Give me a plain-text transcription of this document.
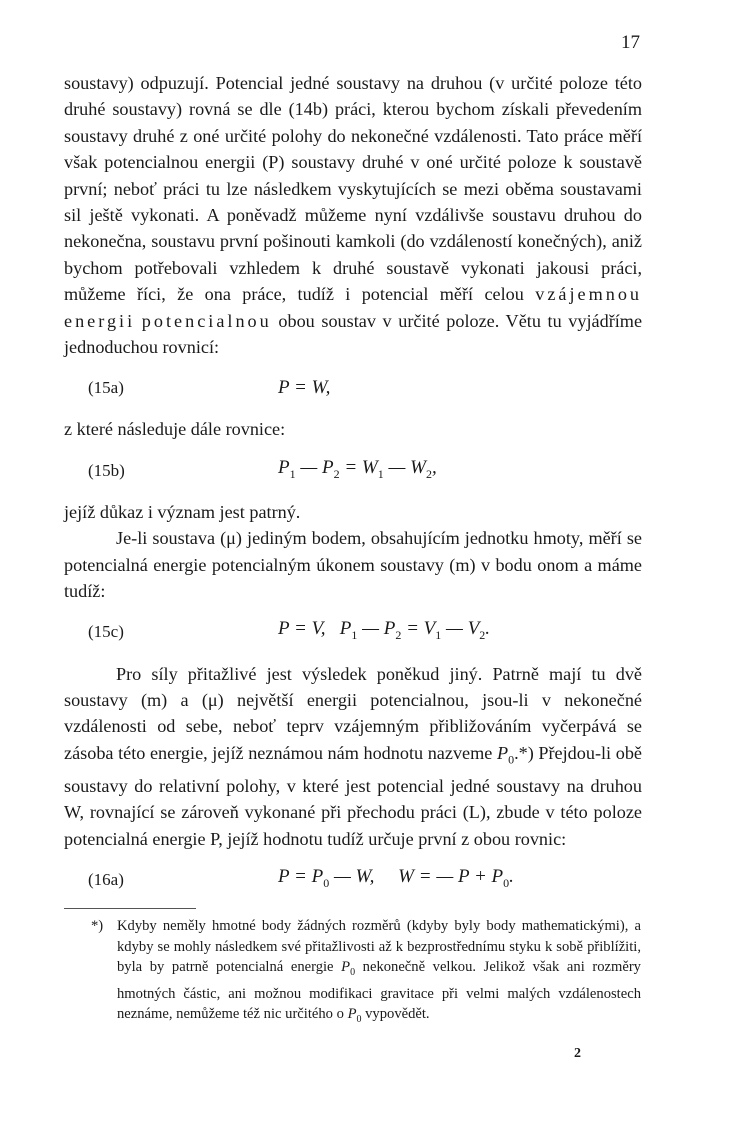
17

soustavy) odpuzují. Potencial jedné soustavy na druhou (v určité poloze této druhé soustavy) rovná se dle (14b) práci, kterou bychom získali převedením soustavy druhé z oné určité polohy do nekonečné vzdálenosti. Tato práce měří však potencialnou energii (P) soustavy druhé v oné určité poloze k soustavě první; neboť práci tu lze následkem vyskytujících se mezi oběma soustavami sil ještě vykonati. A poněvadž můžeme nyní vzdálivše soustavu druhou do nekonečna, soustavu první pošinouti kamkoli (do vzdáleností konečných), aniž bychom potřebovali vzhledem k druhé soustavě vykonati jakousi práci, můžeme říci, že ona práce, tudíž i potencial měří celou vzájemnou energii potencialnou obou soustav v určité poloze. Větu tu vyjádříme jednoduchou rovnicí:

(15a)	P = W,

z které následuje dále rovnice:

(15b)	$P_1$ — $P_2 = W_1$ — $W_2$,

jejíž důkaz i význam jest patrný.

Je-li soustava (μ) jediným bodem, obsahujícím jednotku hmoty, měří se potencialná energie potencialným úkonem soustavy (m) v bodu onom a máme tudíž:

(15c)	P = V,   $P_1$ — $P_2 = V_1$ — $V_2$.

Pro síly přitažlivé jest výsledek poněkud jiný. Patrně mají tu dvě soustavy (m) a (μ) největší energii potencialnou, jsou-li v nekonečné vzdálenosti od sebe, neboť teprv vzájemným přibližováním vyčerpává se zásoba této energie, jejíž neznámou nám hodnotu nazveme $P_0.*$) Přejdou-li obě soustavy do relativní polohy, v které jest potencial jedné soustavy na druhou W, rovnající se zároveň vykonané při přechodu práci (L), zbude v této poloze potencialná energie P, jejíž hodnotu tudíž určuje první z obou rovnic:

(16a)	$P = P_0$ — W,     W = — $P + P_0$.
*) Kdyby neměly hmotné body žádných rozměrů (kdyby byly body mathematickými), a kdyby se mohly následkem své přitažlivosti až k bezprostřednímu styku k sobě přiblížiti, byla by patrně potencialná energie $P_0$ nekonečně velkou. Jelikož však ani rozměry hmotných částic, ani možnou modifikaci gravitace při velmi malých vzdálenostech neznáme, nemůžeme též nic určitého o $P_0$ vypovědět.
2
